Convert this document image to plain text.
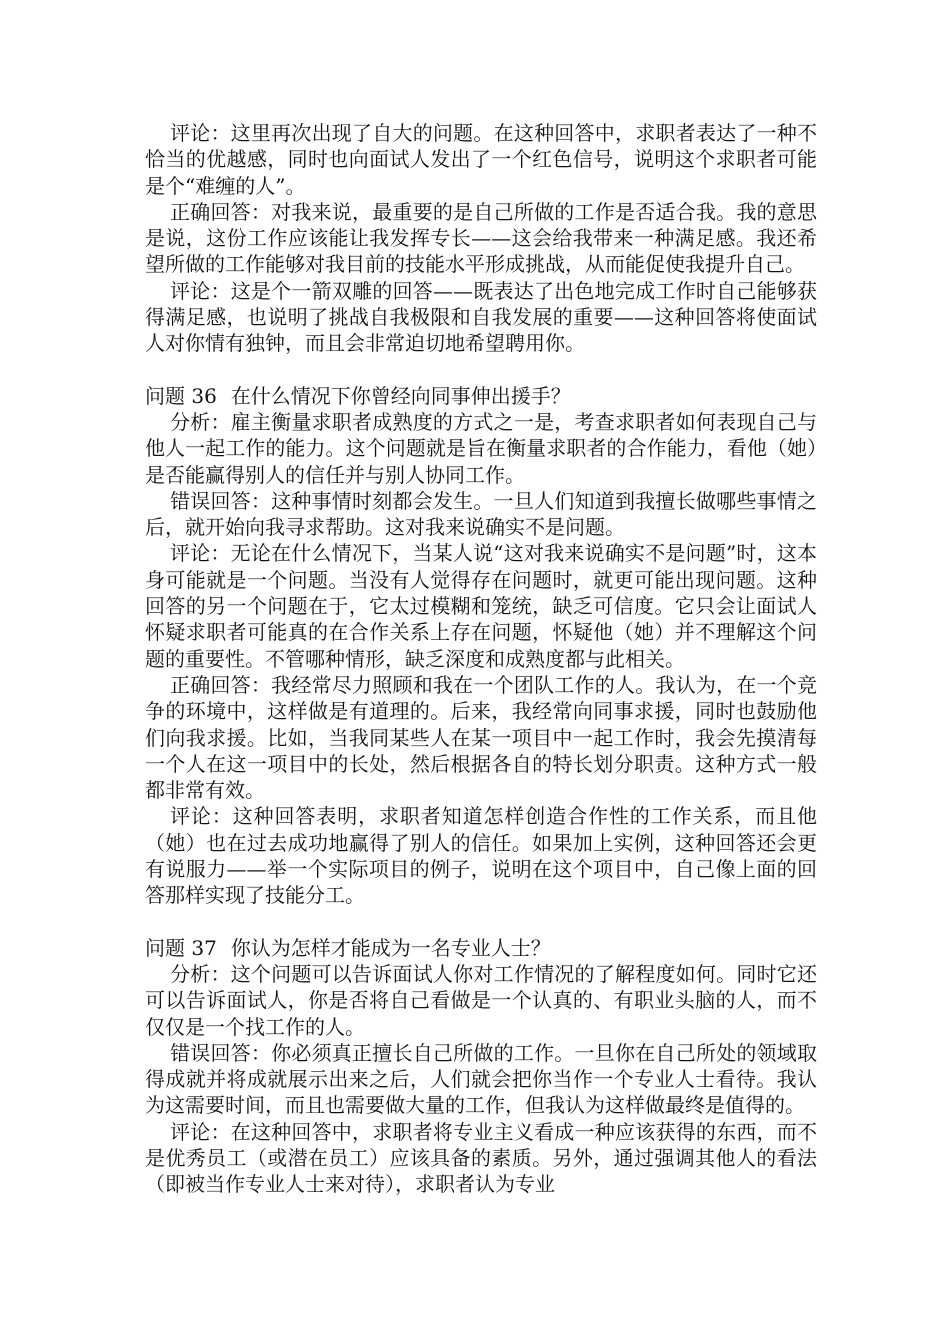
评论：这里再次出现了自大的问题。在这种回答中，求职者表达了一种不恰当的优越感，同时也向面试人发出了一个红色信号，说明这个求职者可能是个“难缠的人”。

正确回答：对我来说，最重要的是自己所做的工作是否适合我。我的意思是说，这份工作应该能让我发挥专长——这会给我带来一种满足感。我还希望所做的工作能够对我目前的技能水平形成挑战，从而能促使我提升自己。

评论：这是个一箭双雕的回答——既表达了出色地完成工作时自己能够获得满足感，也说明了挑战自我极限和自我发展的重要——这种回答将使面试人对你情有独钟，而且会非常迫切地希望聘用你。

问题 36 在什么情况下你曾经向同事伸出援手？

分析：雇主衡量求职者成熟度的方式之一是，考查求职者如何表现自己与他人一起工作的能力。这个问题就是旨在衡量求职者的合作能力，看他（她）是否能赢得别人的信任并与别人协同工作。

错误回答：这种事情时刻都会发生。一旦人们知道到我擅长做哪些事情之后，就开始向我寻求帮助。这对我来说确实不是问题。

评论：无论在什么情况下，当某人说“这对我来说确实不是问题”时，这本身可能就是一个问题。当没有人觉得存在问题时，就更可能出现问题。这种回答的另一个问题在于，它太过模糊和笼统，缺乏可信度。它只会让面试人怀疑求职者可能真的在合作关系上存在问题，怀疑他（她）并不理解这个问题的重要性。不管哪种情形，缺乏深度和成熟度都与此相关。

正确回答：我经常尽力照顾和我在一个团队工作的人。我认为，在一个竞争的环境中，这样做是有道理的。后来，我经常向同事求援，同时也鼓励他们向我求援。比如，当我同某些人在某一项目中一起工作时，我会先摸清每一个人在这一项目中的长处，然后根据各自的特长划分职责。这种方式一般都非常有效。

评论：这种回答表明，求职者知道怎样创造合作性的工作关系，而且他（她）也在过去成功地赢得了别人的信任。如果加上实例，这种回答还会更有说服力——举一个实际项目的例子，说明在这个项目中，自己像上面的回答那样实现了技能分工。

问题 37 你认为怎样才能成为一名专业人士？

分析：这个问题可以告诉面试人你对工作情况的了解程度如何。同时它还可以告诉面试人，你是否将自己看做是一个认真的、有职业头脑的人，而不仅仅是一个找工作的人。

错误回答：你必须真正擅长自己所做的工作。一旦你在自己所处的领域取得成就并将成就展示出来之后，人们就会把你当作一个专业人士看待。我认为这需要时间，而且也需要做大量的工作，但我认为这样做最终是值得的。

评论：在这种回答中，求职者将专业主义看成一种应该获得的东西，而不是优秀员工（或潜在员工）应该具备的素质。另外，通过强调其他人的看法（即被当作专业人士来对待），求职者认为专业
